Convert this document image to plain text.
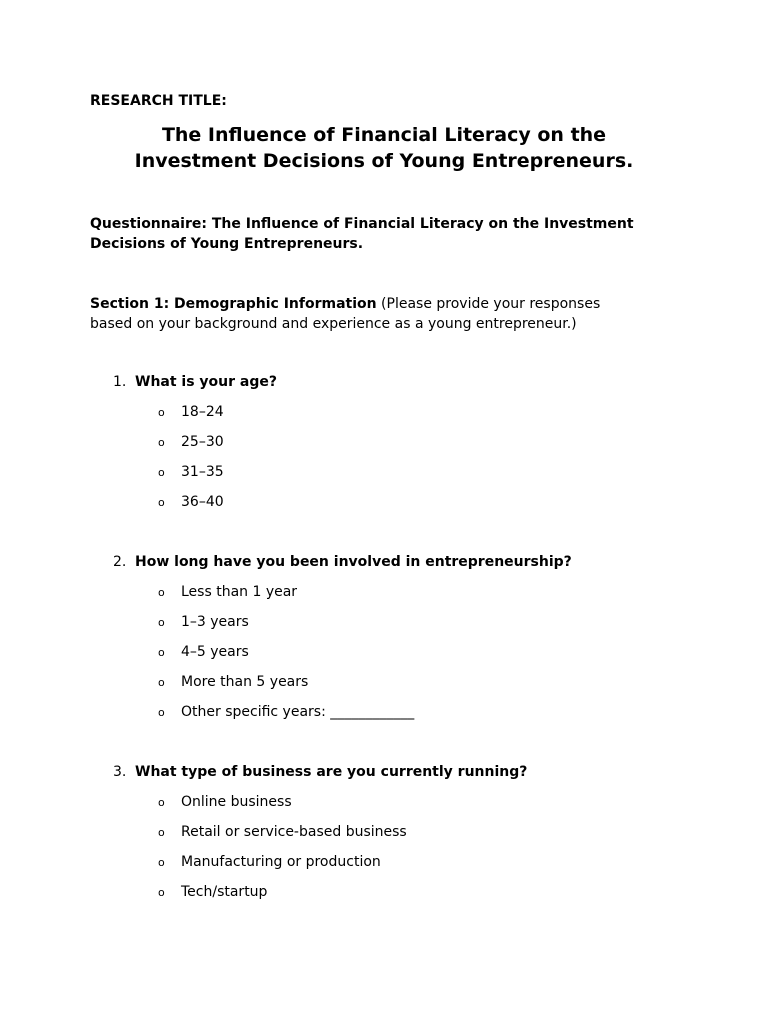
RESEARCH TITLE:
The Influence of Financial Literacy on the
Investment Decisions of Young Entrepreneurs.
Questionnaire: The Influence of Financial Literacy on the Investment
Decisions of Young Entrepreneurs.
Section 1: Demographic Information (Please provide your responses
based on your background and experience as a young entrepreneur.)
1. What is your age?
o 18–24
o 25–30
o 31–35
o 36–40
2. How long have you been involved in entrepreneurship?
o Less than 1 year
o 1–3 years
o 4–5 years
o More than 5 years
o Other specific years: ____________
3. What type of business are you currently running?
o Online business
o Retail or service-based business
o Manufacturing or production
o Tech/startup
